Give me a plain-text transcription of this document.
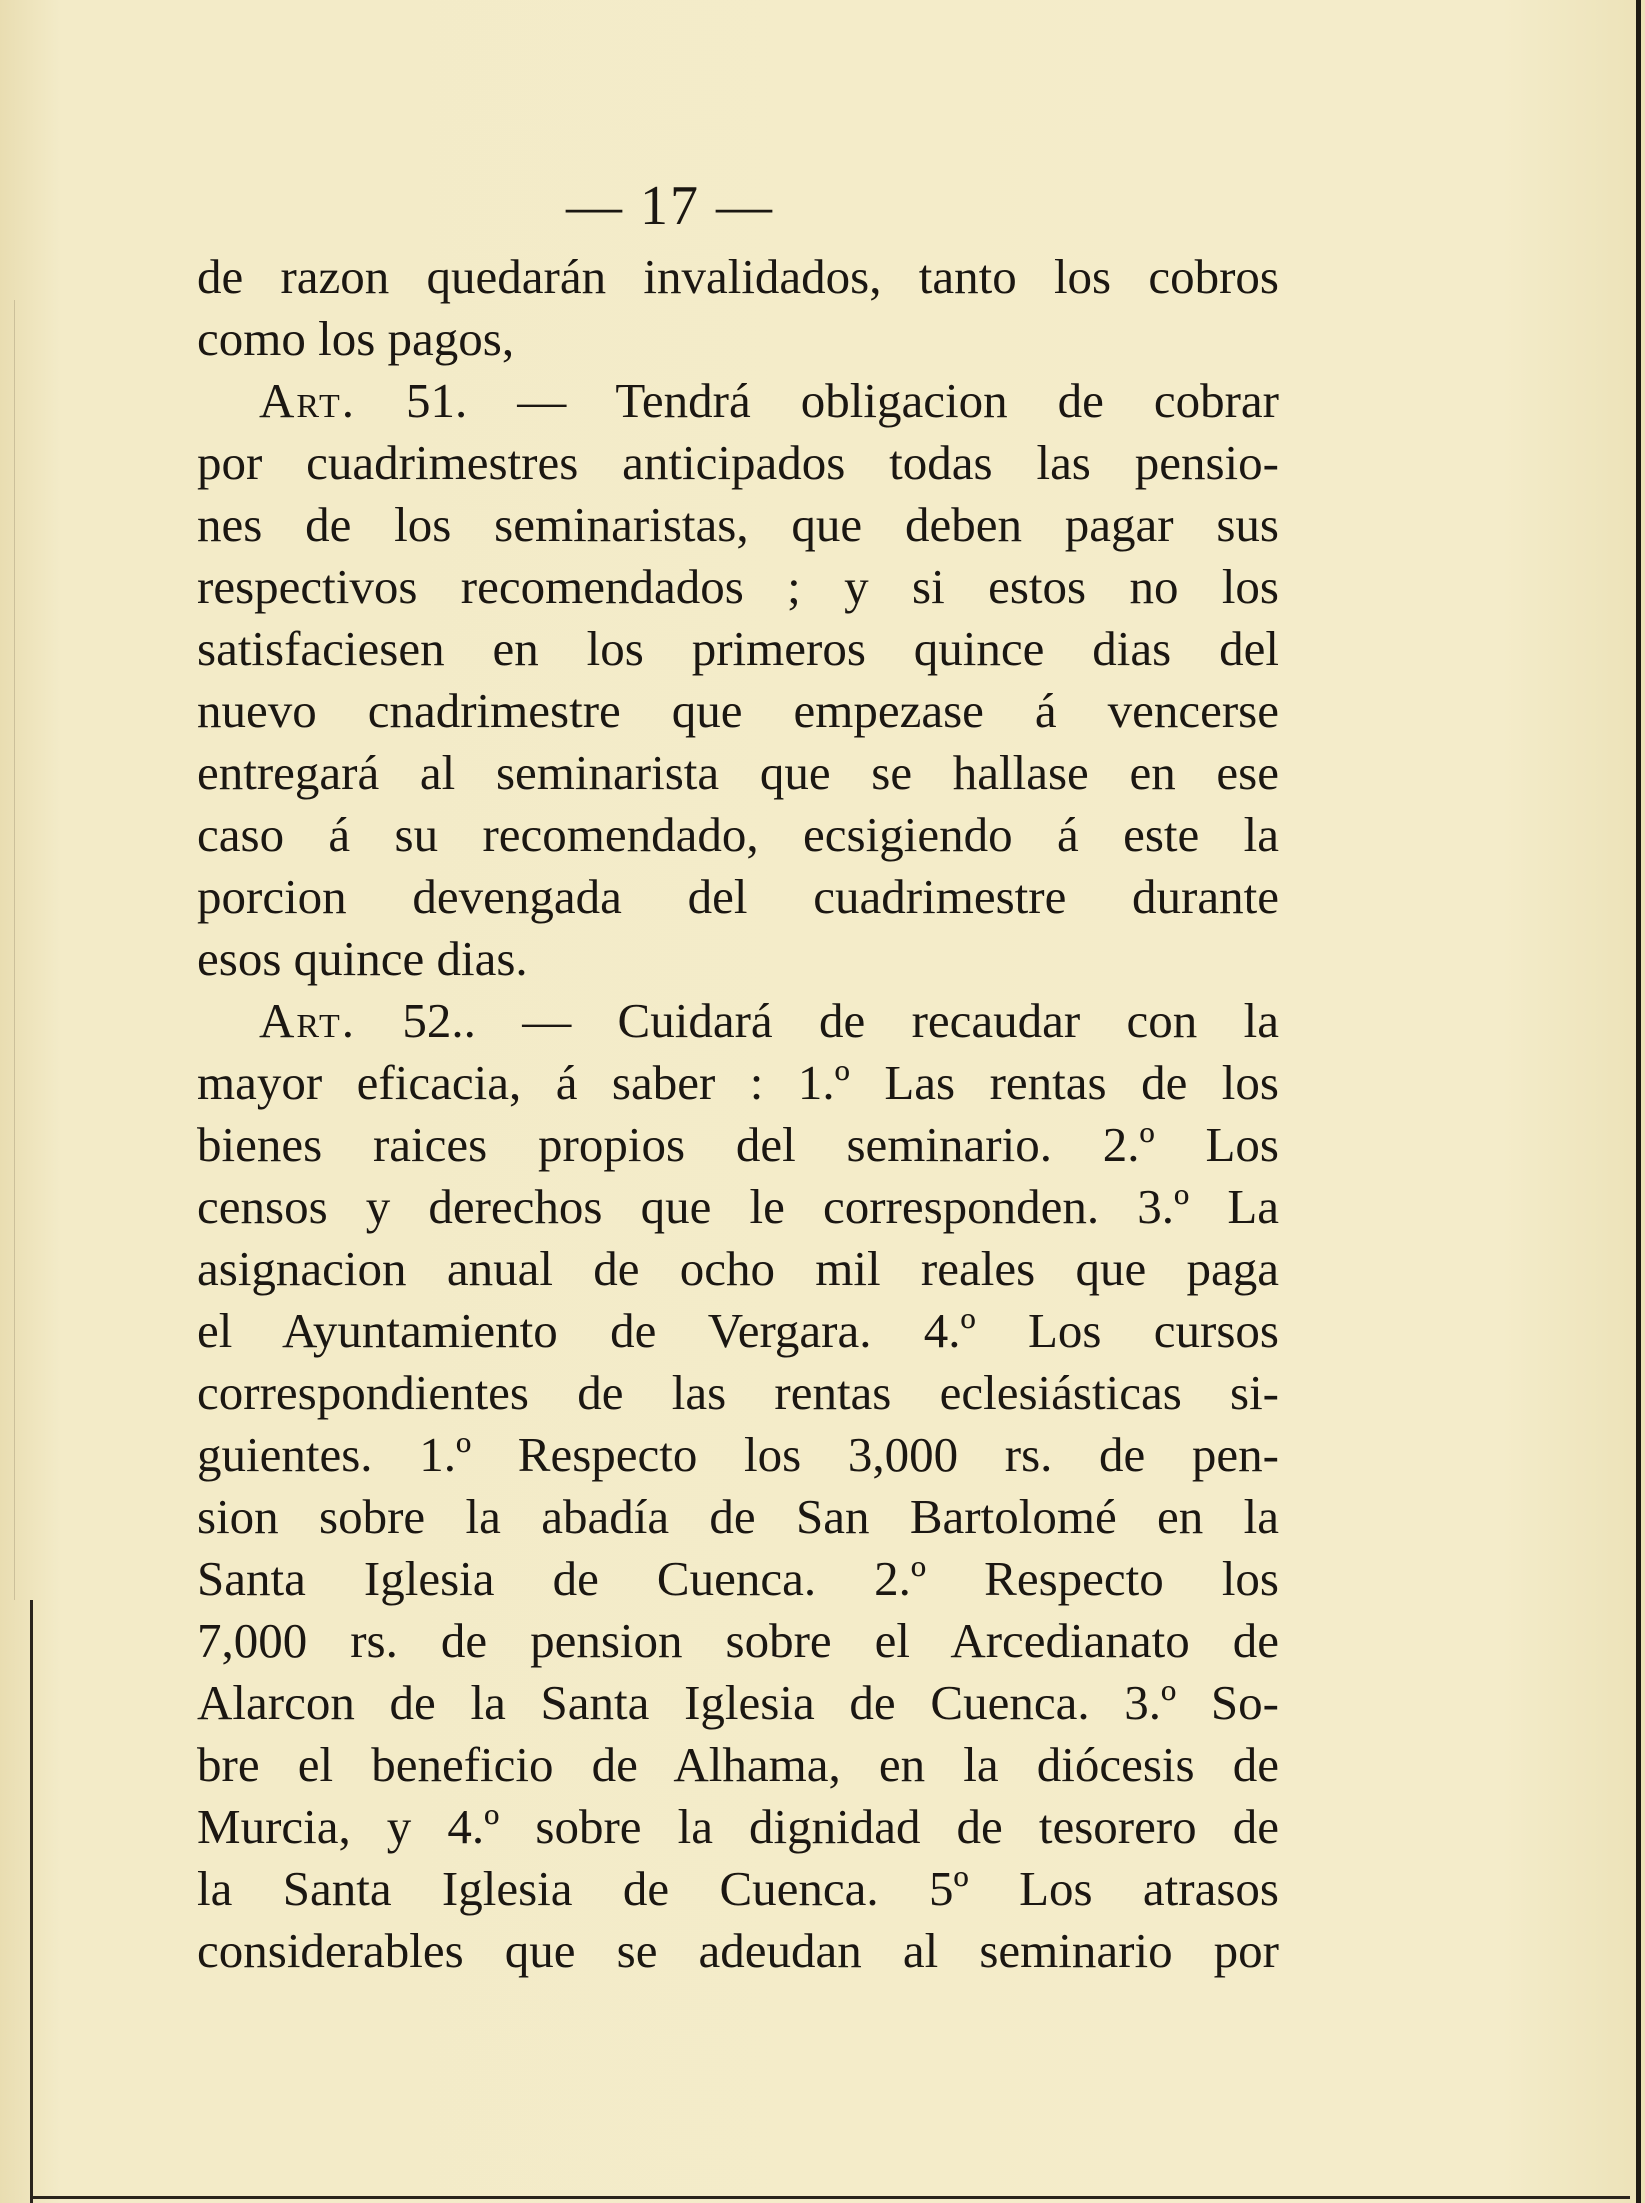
— 17 —
de razon quedarán invalidados, tanto los cobros
como los pagos,
Art. 51. — Tendrá obligacion de cobrar
por cuadrimestres anticipados todas las pensio-
nes de los seminaristas, que deben pagar sus
respectivos recomendados ; y si estos no los
satisfaciesen en los primeros quince dias del
nuevo cnadrimestre que empezase á vencerse
entregará al seminarista que se hallase en ese
caso á su recomendado, ecsigiendo á este la
porcion devengada del cuadrimestre durante
esos quince dias.
Art. 52.. — Cuidará de recaudar con la
mayor eficacia, á saber : 1.º Las rentas de los
bienes raices propios del seminario. 2.º Los
censos y derechos que le corresponden. 3.º La
asignacion anual de ocho mil reales que paga
el Ayuntamiento de Vergara. 4.º Los cursos
correspondientes de las rentas eclesiásticas si-
guientes. 1.º Respecto los 3,000 rs. de pen-
sion sobre la abadía de San Bartolomé en la
Santa Iglesia de Cuenca. 2.º Respecto los
7,000 rs. de pension sobre el Arcedianato de
Alarcon de la Santa Iglesia de Cuenca. 3.º So-
bre el beneficio de Alhama, en la diócesis de
Murcia, y 4.º sobre la dignidad de tesorero de
la Santa Iglesia de Cuenca. 5º Los atrasos
considerables que se adeudan al seminario por
